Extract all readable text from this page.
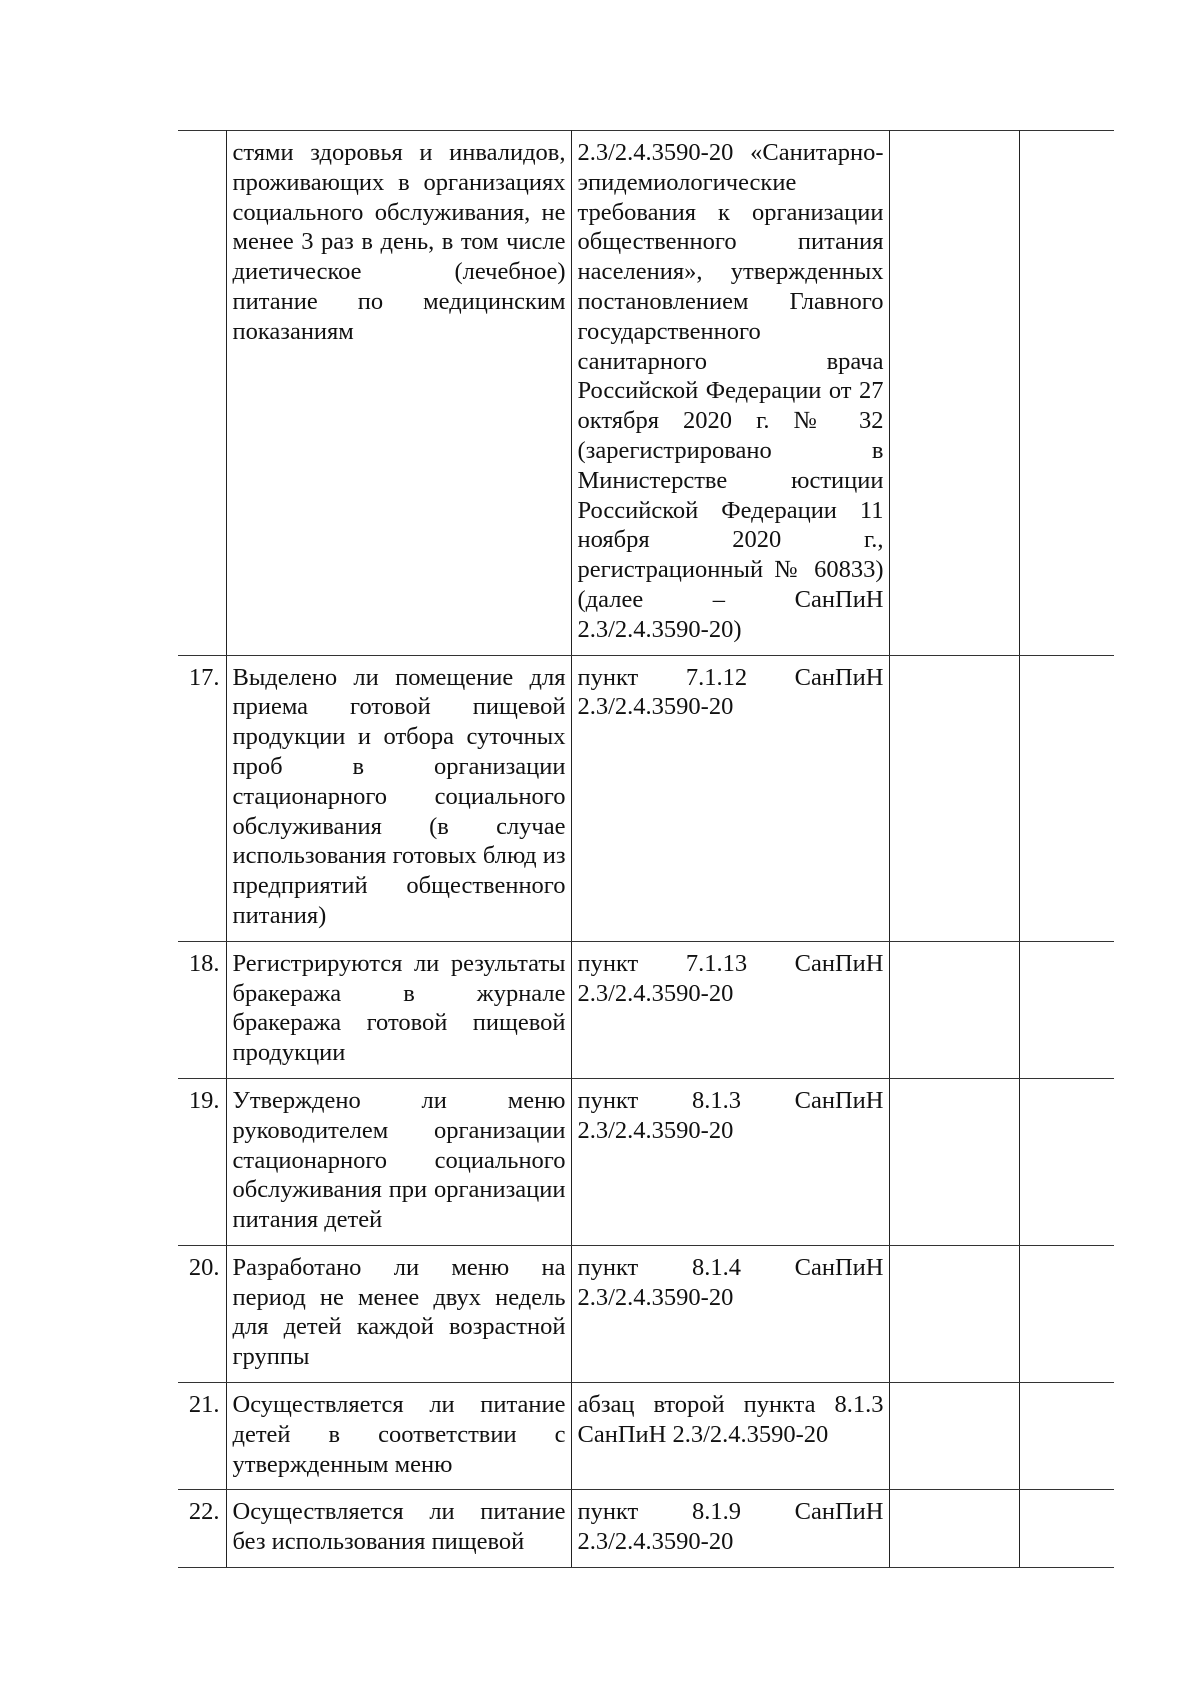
	стями здоровья и инвалидов, проживающих в организациях социального обслуживания, не менее 3 раз в день, в том числе диетическое (лечебное) питание по медицинским показаниям	2.3/2.4.3590-20 «Санитарно-эпидемиологические требования к организации общественного питания населения», утвержденных постановлением Главного государственного санитарного врача Российской Федерации от 27 октября 2020 г. № 32 (зарегистрировано в Министерстве юстиции Российской Федерации 11 ноября 2020 г., регистрационный № 60833) (далее – СанПиН 2.3/2.4.3590-20)		
17.	Выделено ли помещение для приема готовой пищевой продукции и отбора суточных проб в организации стационарного социального обслуживания (в случае использования готовых блюд из предприятий общественного питания)	пункт 7.1.12 СанПиН 2.3/2.4.3590-20		
18.	Регистрируются ли результаты бракеража в журнале бракеража готовой пищевой продукции	пункт 7.1.13 СанПиН 2.3/2.4.3590-20		
19.	Утверждено ли меню руководителем организации стационарного социального обслуживания при организации питания детей	пункт 8.1.3 СанПиН 2.3/2.4.3590-20		
20.	Разработано ли меню на период не менее двух недель для детей каждой возрастной группы	пункт 8.1.4 СанПиН 2.3/2.4.3590-20		
21.	Осуществляется ли питание детей в соответствии с утвержденным меню	абзац второй пункта 8.1.3 СанПиН 2.3/2.4.3590-20		
22.	Осуществляется ли питание без использования пищевой	пункт 8.1.9 СанПиН 2.3/2.4.3590-20		
